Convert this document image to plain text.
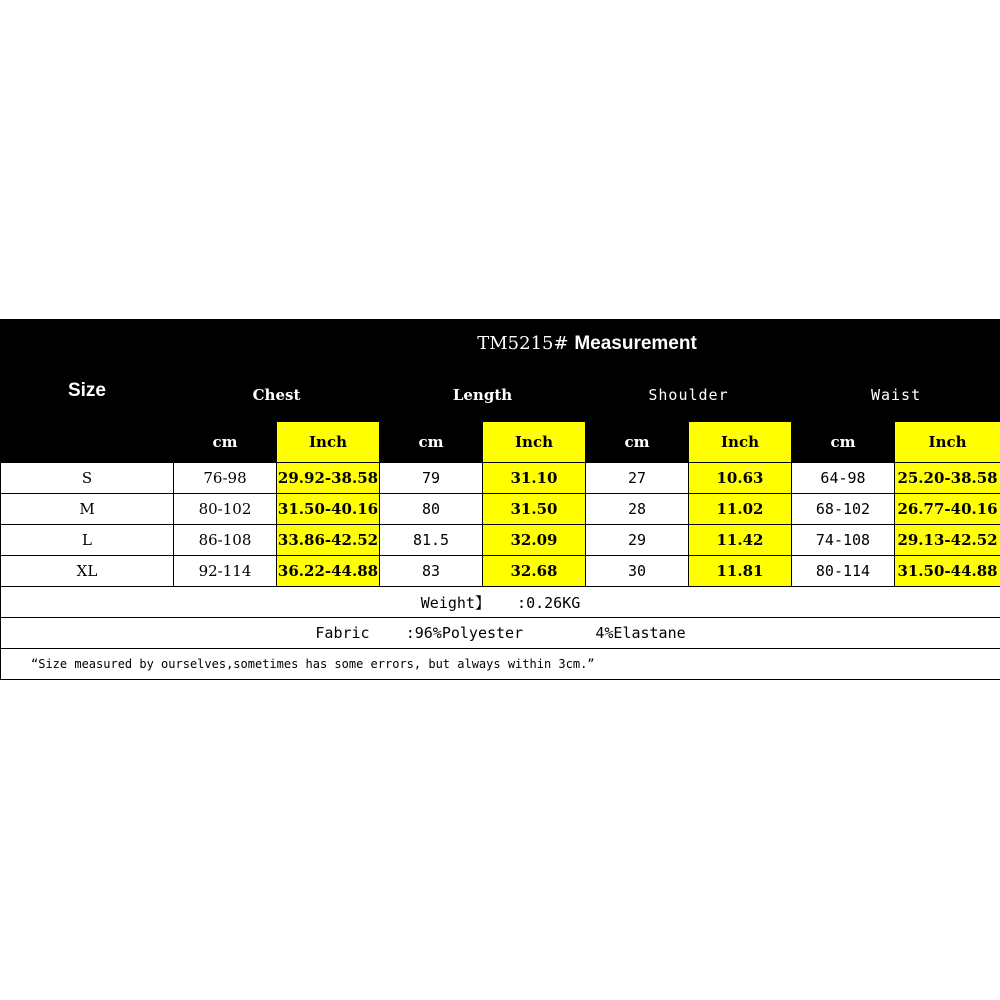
Size	TM5215# Measurement							
	Chest		Length		Shoulder		Waist	
	cm	Inch	cm	Inch	cm	Inch	cm	Inch
S	76-98	29.92-38.58	79	31.10	27	10.63	64-98	25.20-38.58
M	80-102	31.50-40.16	80	31.50	28	11.02	68-102	26.77-40.16
L	86-108	33.86-42.52	81.5	32.09	29	11.42	74-108	29.13-42.52
XL	92-114	36.22-44.88	83	32.68	30	11.81	80-114	31.50-44.88
Weight】   :0.26KG								
Fabric    :96%Polyester        4%Elastane								
“Size measured by ourselves,sometimes has some errors, but always within 3cm.”								
